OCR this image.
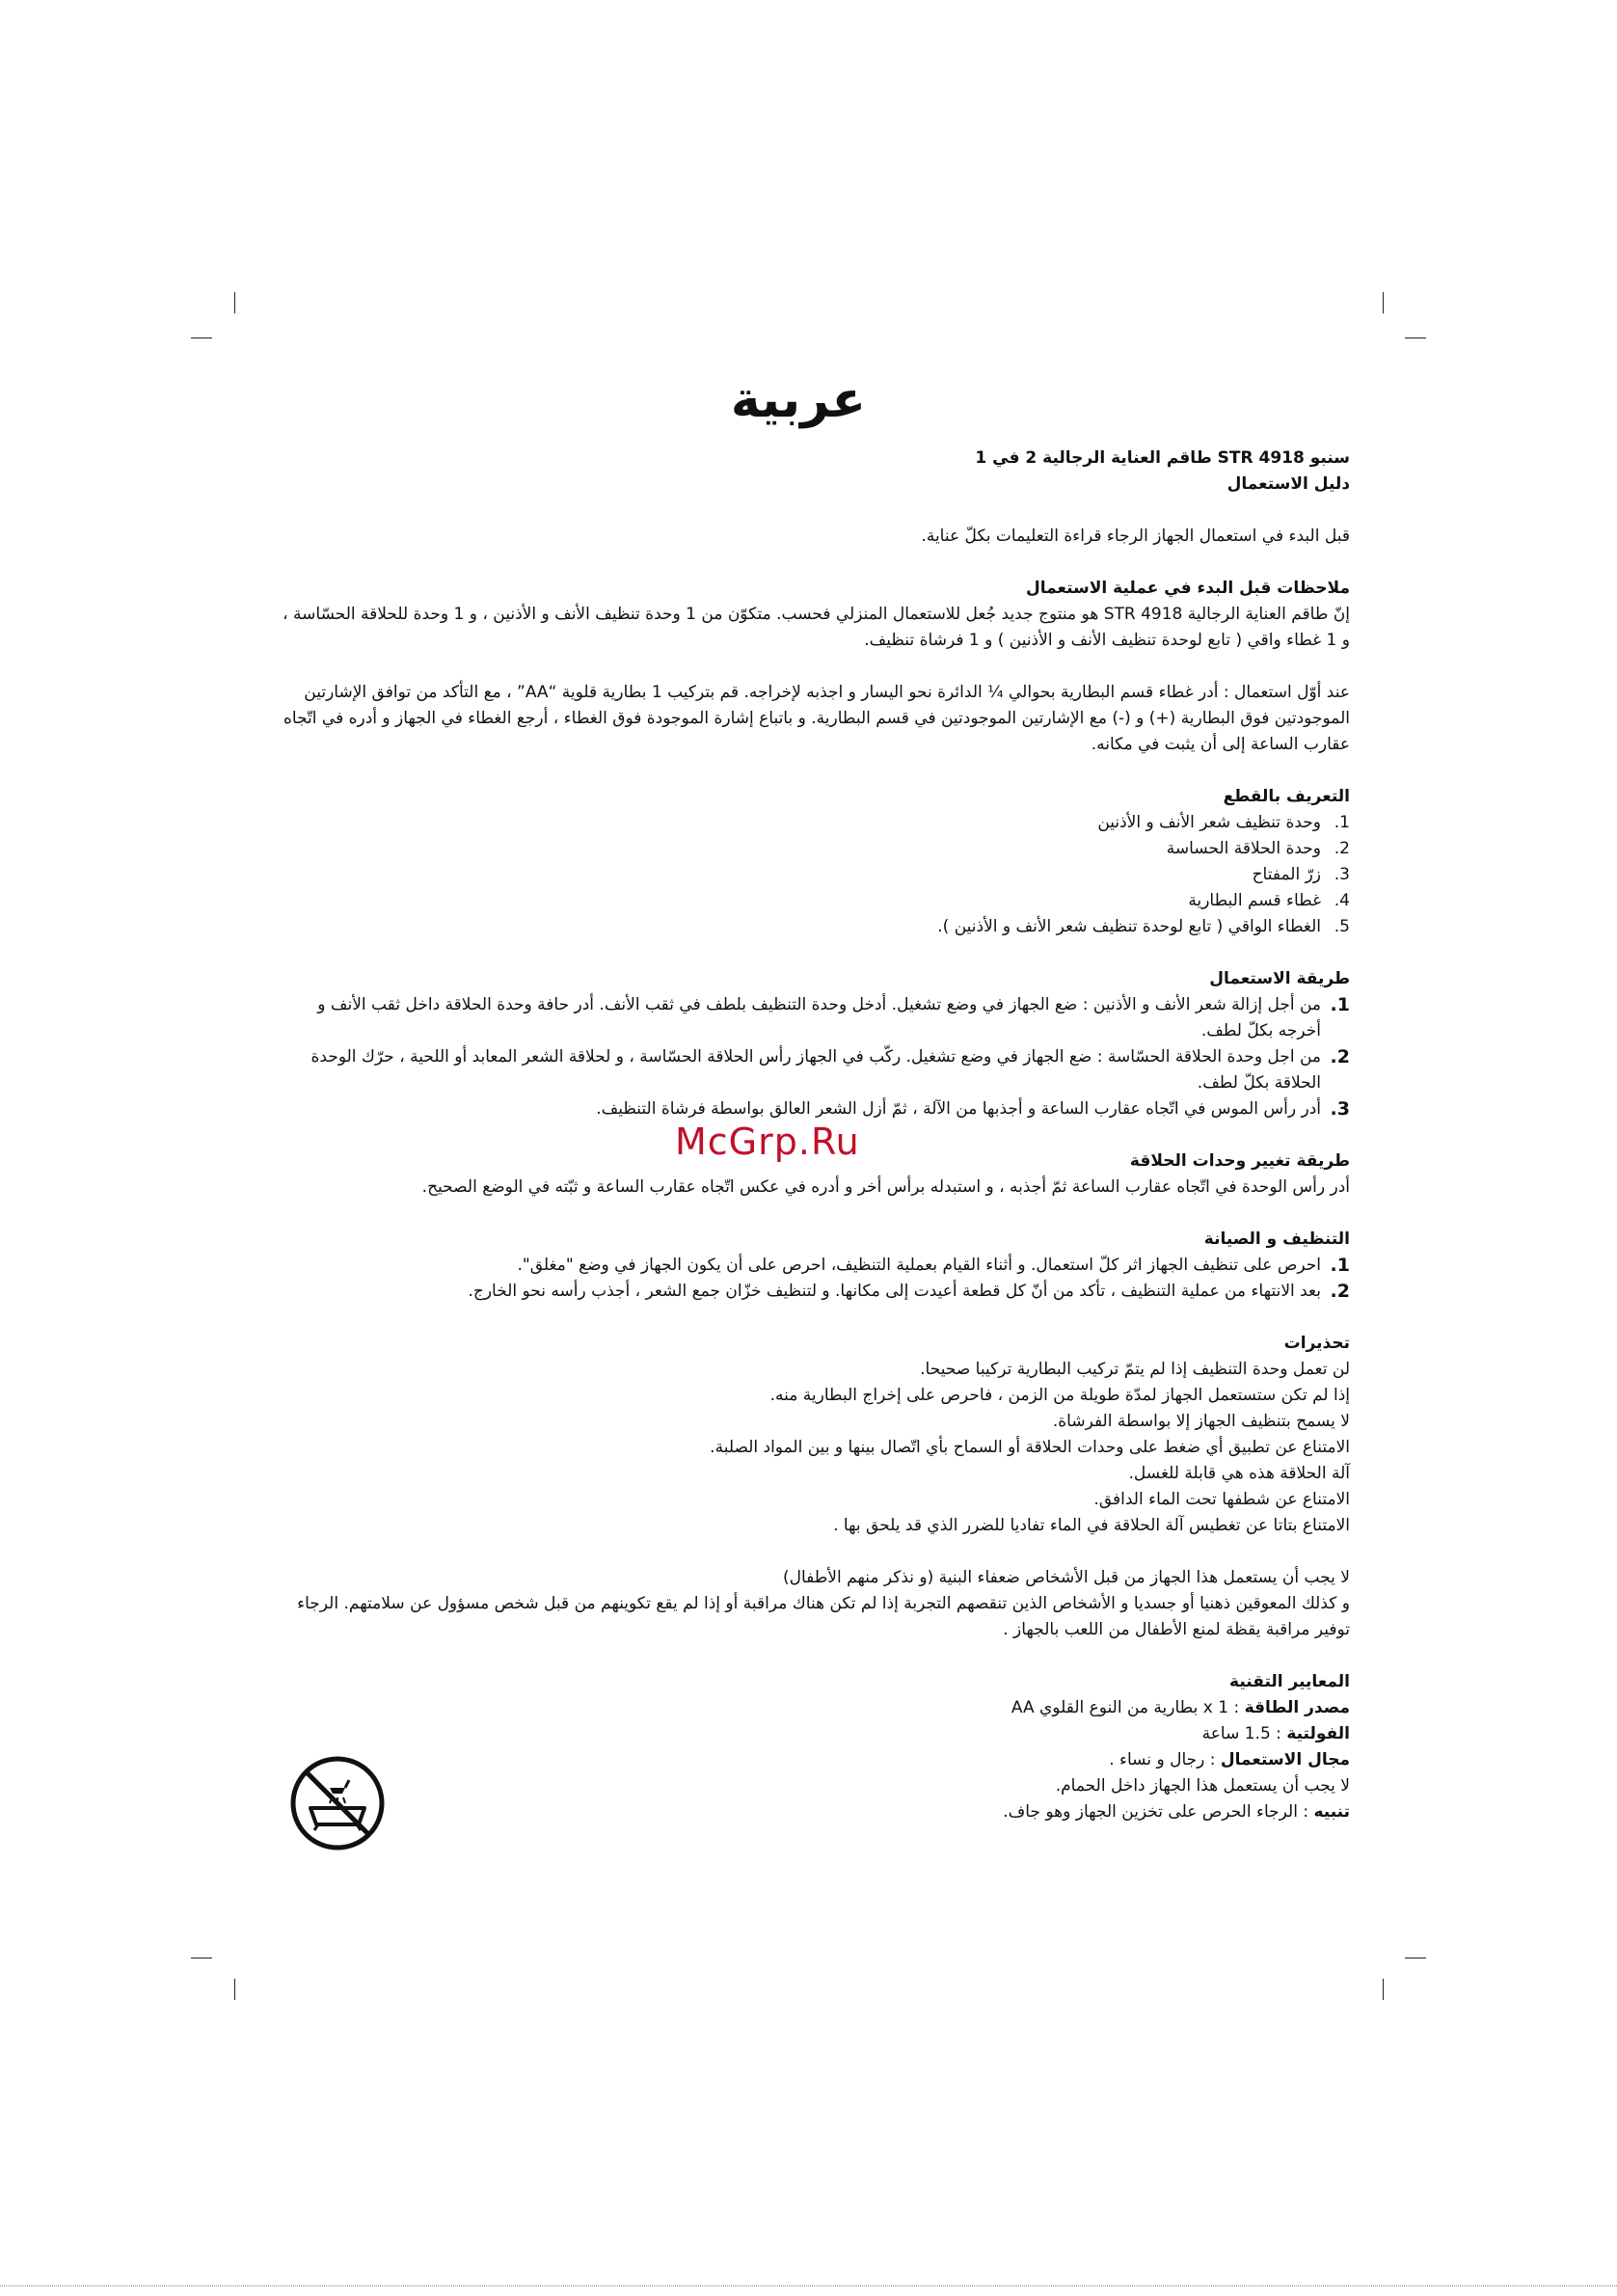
عربية
سنبو STR 4918 طاقم العناية الرجالية 2 في 1
دليل الاستعمال
قبل البدء في استعمال الجهاز الرجاء قراءة التعليمات بكلّ عناية.
ملاحظات قبل البدء في عملية الاستعمال
إنّ طاقم العناية الرجالية STR 4918 هو منتوج جديد جُعل للاستعمال المنزلي فحسب. متكوّن من 1 وحدة تنظيف الأنف و الأذنين ، و 1 وحدة للحلاقة الحسّاسة ، و 1 غطاء واقي ( تابع لوحدة تنظيف الأنف و الأذنين ) و 1 فرشاة تنظيف.
عند أوّل استعمال : أدر غطاء قسم البطارية بحوالي ¼ الدائرة نحو اليسار و اجذبه لإخراجه. قم بتركيب 1 بطارية قلوية “AA” ، مع التأكد من توافق الإشارتين الموجودتين فوق البطارية (+) و (-) مع الإشارتين الموجودتين في قسم البطارية. و باتباع إشارة الموجودة فوق الغطاء ، أرجع الغطاء في الجهاز و أدره في اتّجاه عقارب الساعة إلى أن يثبت في مكانه.
التعريف بالقطع
1.
وحدة تنظيف شعر الأنف و الأذنين
2.
وحدة الحلاقة الحساسة
3.
زرّ المفتاح
4.
غطاء قسم البطارية
5.
الغطاء الواقي ( تابع لوحدة تنظيف شعر الأنف و الأذنين ).
طريقة الاستعمال
1.
من أجل إزالة شعر الأنف و الأذنين : ضع الجهاز في وضع تشغيل. أدخل وحدة التنظيف بلطف في ثقب الأنف. أدر حافة وحدة الحلاقة داخل ثقب الأنف و أخرجه بكلّ لطف.
2.
من اجل وحدة الحلاقة الحسّاسة : ضع الجهاز في وضع تشغيل. ركّب في الجهاز رأس الحلاقة الحسّاسة ، و لحلاقة الشعر المعابد أو اللحية ، حرّك الوحدة الحلاقة بكلّ لطف.
3.
أدر رأس الموس في اتّجاه عقارب الساعة و أجذبها من الآلة ، ثمّ أزل الشعر العالق بواسطة فرشاة التنظيف.
طريقة تغيير وحدات الحلاقة
أدر رأس الوحدة في اتّجاه عقارب الساعة ثمّ أجذبه ، و استبدله برأس أخر و أدره في عكس اتّجاه عقارب الساعة و ثبّته في الوضع الصحيح.
التنظيف و الصيانة
1.
احرص على تنظيف الجهاز اثر كلّ استعمال. و أثناء القيام بعملية التنظيف، احرص على أن يكون الجهاز في وضع "مغلق".
2.
بعد الانتهاء من عملية التنظيف ، تأكد من أنّ كل قطعة أعيدت إلى مكانها. و لتنظيف خزّان جمع الشعر ، أجذب رأسه نحو الخارج.
تحذيرات
لن تعمل وحدة التنظيف إذا لم يتمّ تركيب البطارية تركيبا صحيحا.
إذا لم تكن ستستعمل الجهاز لمدّة طويلة من الزمن ، فاحرص على إخراج البطارية منه.
لا يسمح بتنظيف الجهاز إلا بواسطة الفرشاة.
الامتناع عن تطبيق أي ضغط على وحدات الحلاقة أو السماح بأي اتّصال بينها و بين المواد الصلبة.
آلة الحلاقة هذه هي قابلة للغسل.
الامتناع عن شطفها تحت الماء الدافق.
الامتناع بتاتا عن تغطيس آلة الحلاقة في الماء تفاديا للضرر الذي قد يلحق بها .
لا يجب أن يستعمل هذا الجهاز من قبل الأشخاص ضعفاء البنية (و نذكر منهم الأطفال)
و كذلك المعوقين ذهنيا أو جسديا و الأشخاص الذين تنقصهم التجربة إذا لم تكن هناك مراقبة أو إذا لم يقع تكوينهم من قبل شخص مسؤول عن سلامتهم. الرجاء توفير مراقبة يقظة لمنع الأطفال من اللعب بالجهاز .
المعايير التقنية
مصدر الطاقة : 1 x بطارية من النوع القلوي AA
الفولتية : 1.5 ساعة
مجال الاستعمال : رجال و نساء .
لا يجب أن يستعمل هذا الجهاز داخل الحمام.
تنبيه : الرجاء الحرص على تخزين الجهاز وهو جاف.
McGrp.Ru
